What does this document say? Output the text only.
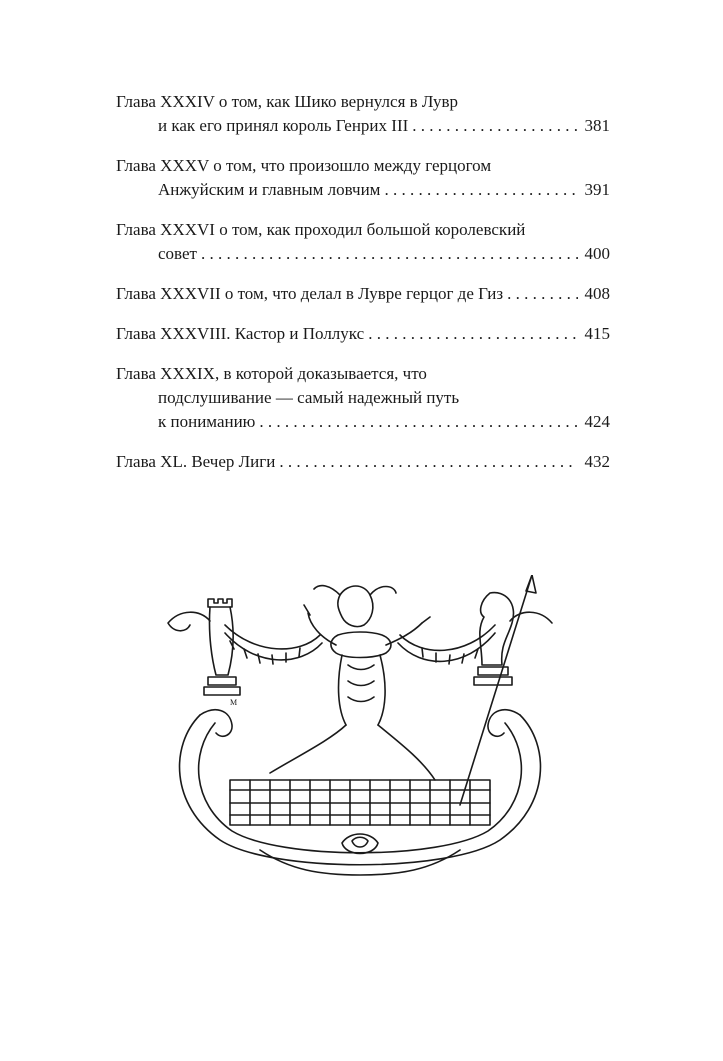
Глава XXXIV о том, как Шико вернулся в Лувр
и как его принял король Генрих III . . .	381
Глава XXXV о том, что произошло между герцогом
Анжуйским и главным ловчим . . .	391
Глава XXXVI о том, как проходил большой королевский
совет . . .	400
Глава XXXVII о том, что делал в Лувре герцог де Гиз . . .	408
Глава XXXVIII. Кастор и Поллукс . . .	415
Глава XXXIX, в которой доказывается, что
подслушивание — самый надежный путь
к пониманию . . .	424
Глава XL. Вечер Лиги . . .	432
M
